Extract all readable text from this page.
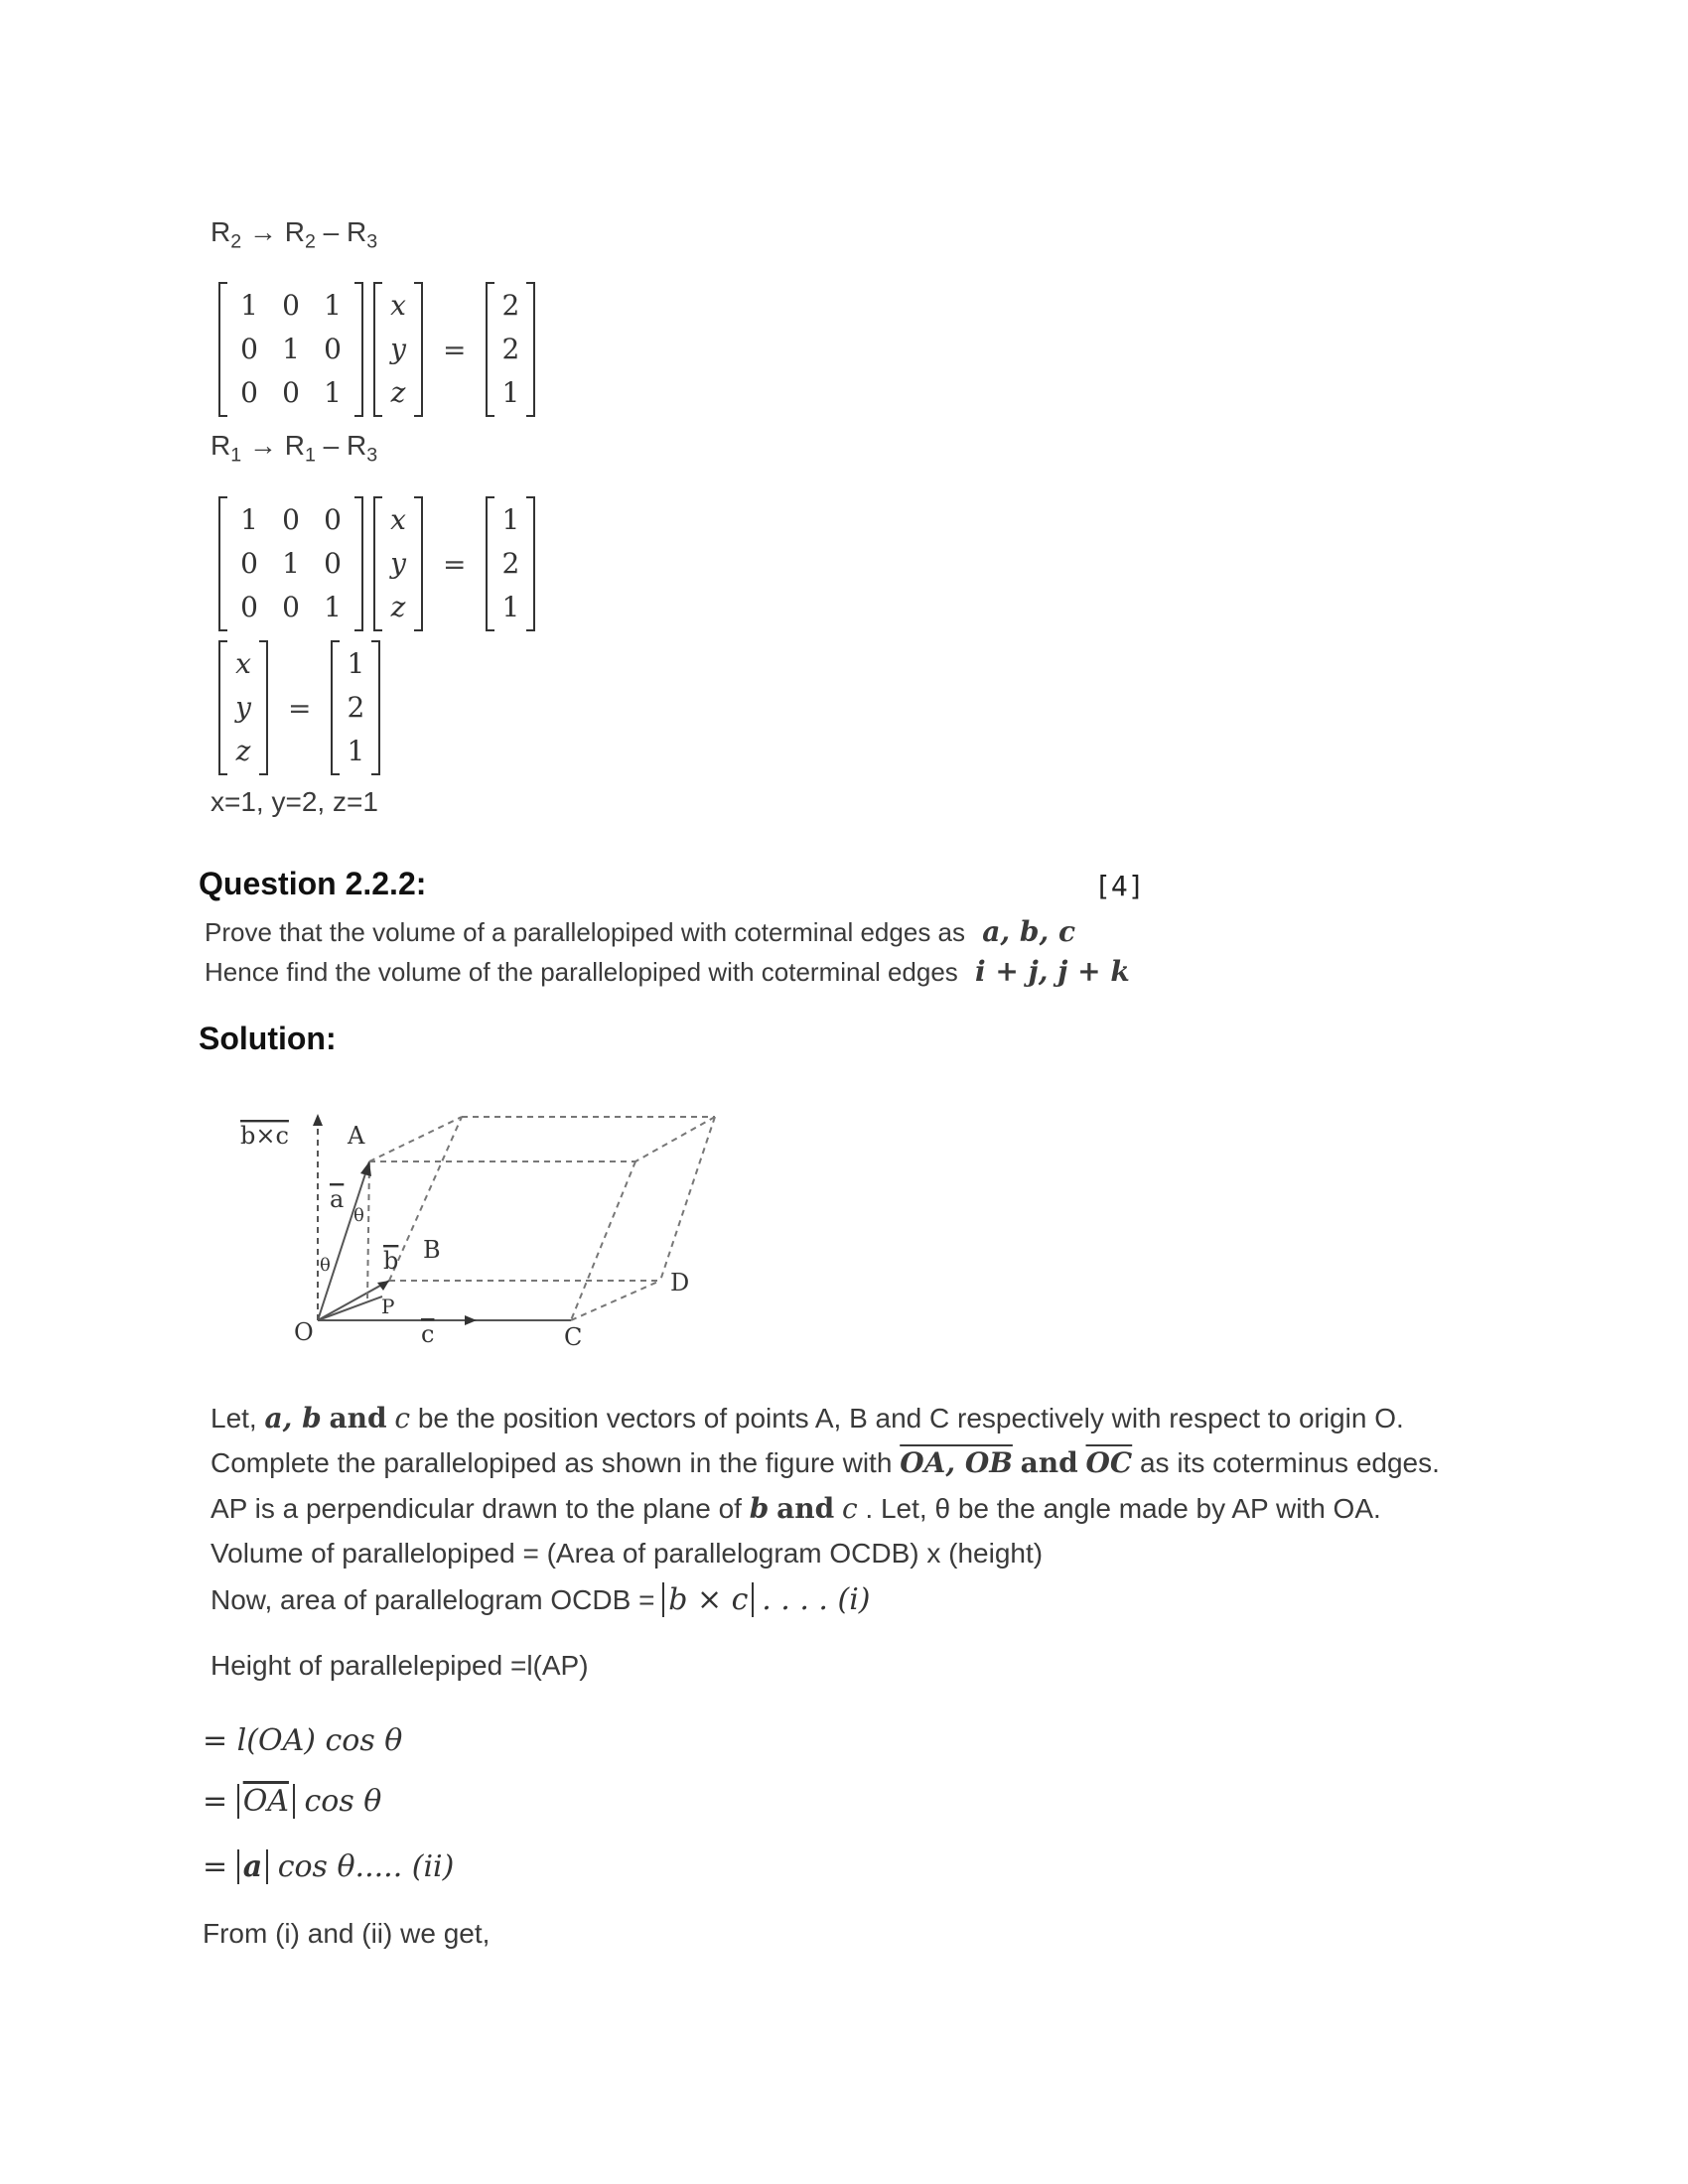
$R_2 \to R_2 - R_3$
1 0 1
0 1 0
0 0 1
x
y
z
=
2
2
1
$R_1 \to R_1 - R_3$
1 0 0
0 1 0
0 0 1
x
y
z
=
1
2
1
x
y
z
=
1
2
1
x=1, y=2, z=1
Question 2.2.2:	[4]
Prove that the volume of a parallelopiped with coterminal edges as a, b, c
Hence find the volume of the parallelopiped with coterminal edges i + j, j + k
Solution:
b×c A
a
θ
θ b B
D
P
O	c	C
Let, a, b and c be the position vectors of points A, B and C respectively with respect to origin O.
Complete the parallelopiped as shown in the figure with OA, OB and $\overline{OC}$ as its coterminus edges.
AP is a perpendicular drawn to the plane of b and c . Let, θ be the angle made by AP with OA.
Volume of parallelopiped = (Area of parallelogram OCDB) x (height)
Now, area of parallelogram OCDB = b × c . . . . (i)
Height of parallelepiped =l(AP)
= l(OA) cos θ
= $\overline{OA}$ cos θ
= a cos θ..... (ii)
From (i) and (ii) we get,
